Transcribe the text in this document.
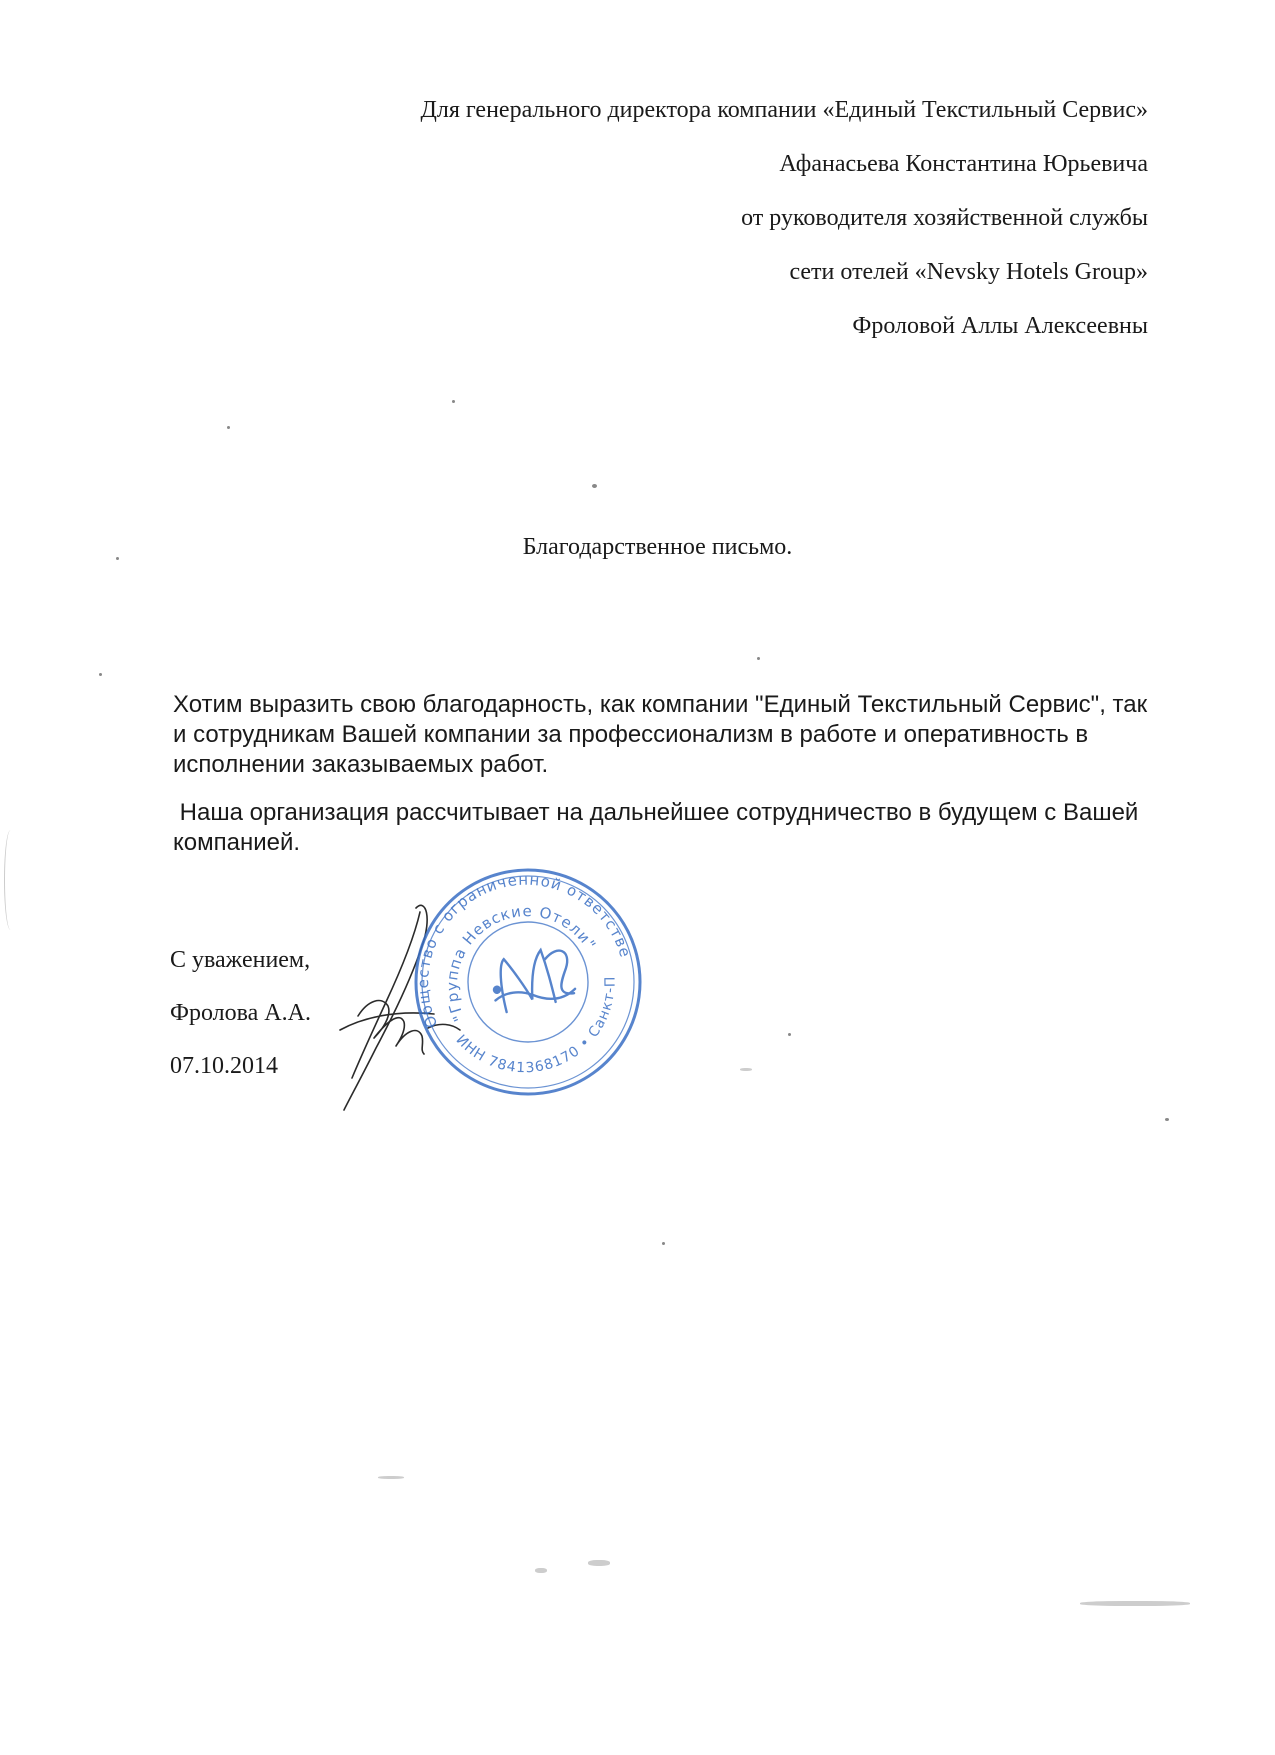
Для генерального директора компании «Единый Текстильный Сервис»
Афанасьева Константина Юрьевича
от руководителя хозяйственной службы
сети отелей «Nevsky Hotels Group»
Фроловой Аллы Алексеевны
Благодарственное письмо.

Хотим выразить свою благодарность, как компании "Единый Текстильный Сервис", так и сотрудникам Вашей компании за профессионализм в работе и оперативность в исполнении заказываемых работ.

Наша организация рассчитывает на дальнейшее сотрудничество в будущем с Вашей компанией.

С уважением,
Фролова А.А.
07.10.2014
Общество с ограниченной ответственностью
"Группа Невские Отели"
ИНН 7841368170 • Санкт-Петербург
